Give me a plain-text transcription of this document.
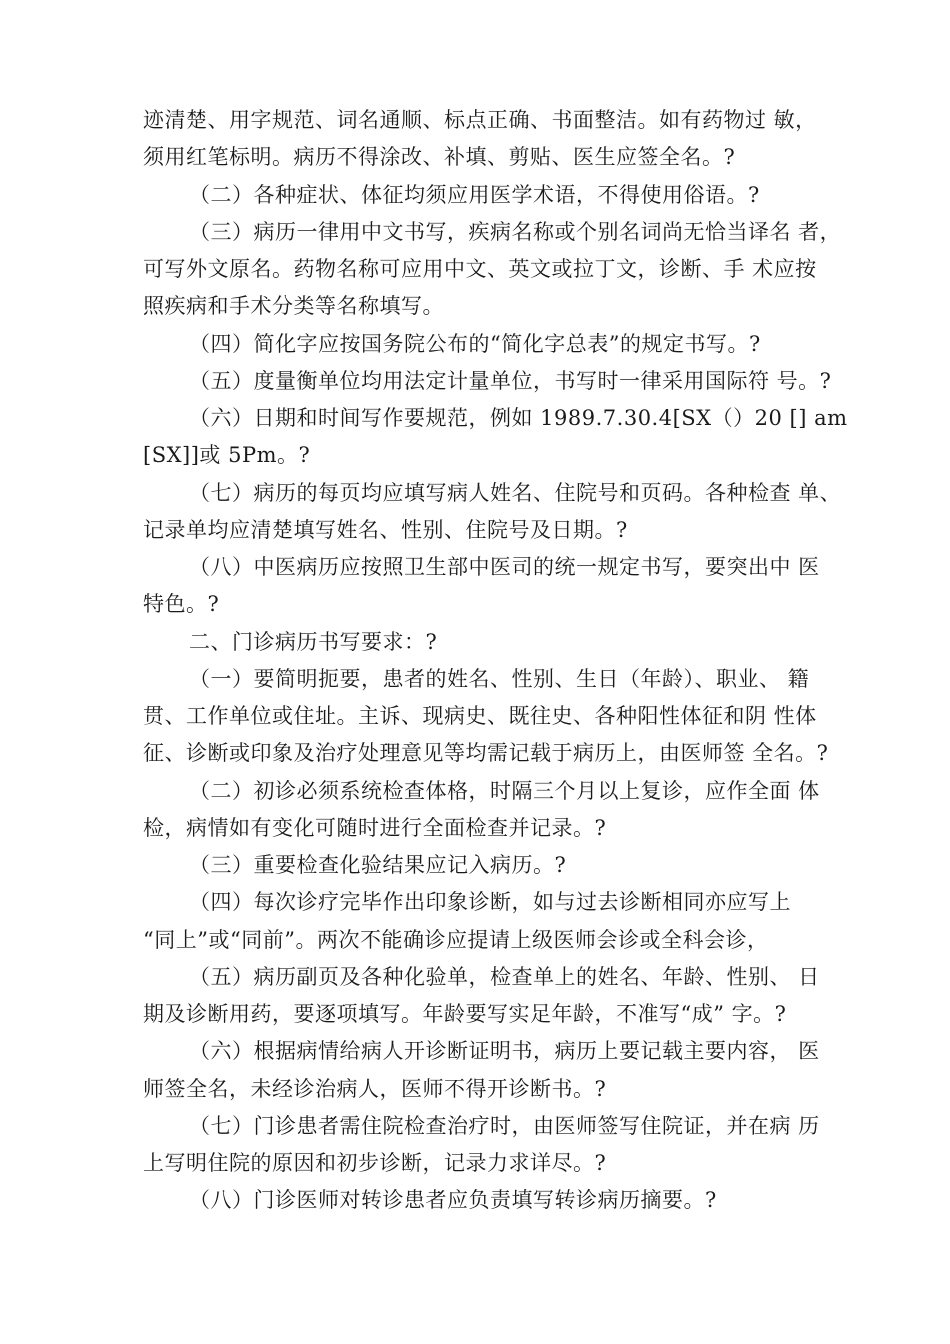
迹清楚、用字规范、词名通顺、标点正确、书面整洁。如有药物过 敏，
须用红笔标明。病历不得涂改、补填、剪贴、医生应签全名。?
（二）各种症状、体征均须应用医学术语，不得使用俗语。?
（三）病历一律用中文书写，疾病名称或个别名词尚无恰当译名 者，
可写外文原名。药物名称可应用中文、英文或拉丁文，诊断、手 术应按
照疾病和手术分类等名称填写。
（四）简化字应按国务院公布的“简化字总表”的规定书写。?
（五）度量衡单位均用法定计量单位，书写时一律采用国际符 号。?
（六）日期和时间写作要规范，例如 1989.7.30.4[SX（）20 [] am
[SX]]或 5Pm。?
（七）病历的每页均应填写病人姓名、住院号和页码。各种检查 单、
记录单均应清楚填写姓名、性别、住院号及日期。?
（八）中医病历应按照卫生部中医司的统一规定书写，要突出中 医
特色。?
二、门诊病历书写要求：?
（一）要简明扼要，患者的姓名、性别、生日（年龄）、职业、 籍
贯、工作单位或住址。主诉、现病史、既往史、各种阳性体征和阴 性体
征、诊断或印象及治疗处理意见等均需记载于病历上，由医师签 全名。?
（二）初诊必须系统检查体格，时隔三个月以上复诊，应作全面 体
检，病情如有变化可随时进行全面检查并记录。?
（三）重要检查化验结果应记入病历。?
（四）每次诊疗完毕作出印象诊断，如与过去诊断相同亦应写上
“同上”或“同前”。两次不能确诊应提请上级医师会诊或全科会诊，
（五）病历副页及各种化验单，检查单上的姓名、年龄、性别、 日
期及诊断用药，要逐项填写。年龄要写实足年龄，不准写“成” 字。?
（六）根据病情给病人开诊断证明书，病历上要记载主要内容， 医
师签全名，未经诊治病人，医师不得开诊断书。?
（七）门诊患者需住院检查治疗时，由医师签写住院证，并在病 历
上写明住院的原因和初步诊断，记录力求详尽。?
（八）门诊医师对转诊患者应负责填写转诊病历摘要。?
